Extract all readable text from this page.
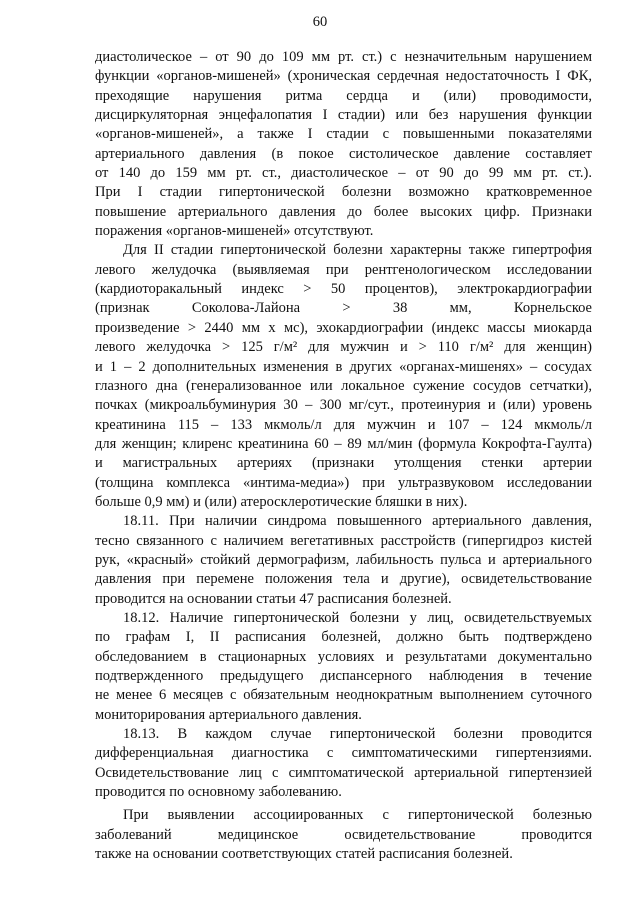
60
диастолическое – от 90 до 109 мм рт. ст.) с незначительным нарушением
функции «органов-мишеней» (хроническая сердечная недостаточность I ФК,
преходящие нарушения ритма сердца и (или) проводимости,
дисциркуляторная энцефалопатия I стадии) или без нарушения функции
«органов-мишеней», а также I стадии с повышенными показателями
артериального давления (в покое систолическое давление составляет
от 140 до 159 мм рт. ст., диастолическое – от 90 до 99 мм рт. ст.).
При I стадии гипертонической болезни возможно кратковременное
повышение артериального давления до более высоких цифр. Признаки
поражения «органов-мишеней» отсутствуют.
Для II стадии гипертонической болезни характерны также гипертрофия
левого желудочка (выявляемая при рентгенологическом исследовании
(кардиоторакальный индекс > 50 процентов), электрокардиографии
(признак Соколова-Лайона > 38 мм, Корнельское
произведение > 2440 мм х мс), эхокардиографии (индекс массы миокарда
левого желудочка > 125 г/м² для мужчин и > 110 г/м² для женщин)
и 1 – 2 дополнительных изменения в других «органах-мишенях» – сосудах
глазного дна (генерализованное или локальное сужение сосудов сетчатки),
почках (микроальбуминурия 30 – 300 мг/сут., протеинурия и (или) уровень
креатинина 115 – 133 мкмоль/л для мужчин и 107 – 124 мкмоль/л
для женщин; клиренс креатинина 60 – 89 мл/мин (формула Кокрофта-Гаулта)
и магистральных артериях (признаки утолщения стенки артерии
(толщина комплекса «интима-медиа») при ультразвуковом исследовании
больше 0,9 мм) и (или) атеросклеротические бляшки в них).
18.11. При наличии синдрома повышенного артериального давления,
тесно связанного с наличием вегетативных расстройств (гипергидроз кистей
рук, «красный» стойкий дермографизм, лабильность пульса и артериального
давления при перемене положения тела и другие), освидетельствование
проводится на основании статьи 47 расписания болезней.
18.12. Наличие гипертонической болезни у лиц, освидетельствуемых
по графам I, II расписания болезней, должно быть подтверждено
обследованием в стационарных условиях и результатами документально
подтвержденного предыдущего диспансерного наблюдения в течение
не менее 6 месяцев с обязательным неоднократным выполнением суточного
мониторирования артериального давления.
18.13. В каждом случае гипертонической болезни проводится
дифференциальная диагностика с симптоматическими гипертензиями.
Освидетельствование лиц с симптоматической артериальной гипертензией
проводится по основному заболеванию.
При выявлении ассоциированных с гипертонической болезнью
заболеваний медицинское освидетельствование проводится
также на основании соответствующих статей расписания болезней.
